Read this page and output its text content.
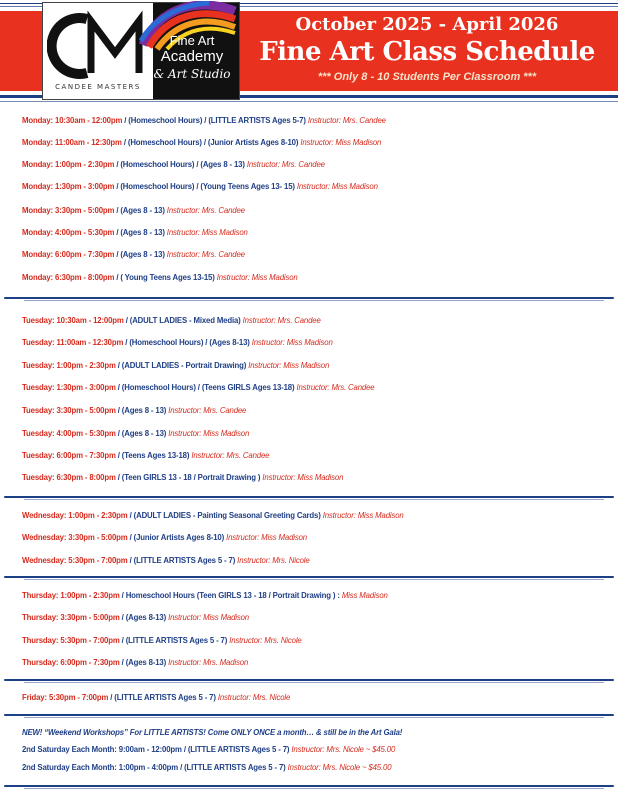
October 2025 - April 2026
Fine Art Class Schedule
*** Only 8 - 10 Students Per Classroom ***
CANDEE MASTERS
Fine Art
Academy
& Art Studio
Monday: 10:30am - 12:00pm / (Homeschool Hours) / (LITTLE ARTISTS Ages 5-7) Instructor: Mrs. Candee
Monday: 11:00am - 12:30pm / (Homeschool Hours) / (Junior Artists Ages 8-10) Instructor: Miss Madison
Monday: 1:00pm - 2:30pm / (Homeschool Hours) / (Ages 8 - 13) Instructor: Mrs. Candee
Monday: 1:30pm - 3:00pm / (Homeschool Hours) / (Young Teens Ages 13- 15) Instructor: Miss Madison
Monday: 3:30pm - 5:00pm / (Ages 8 - 13) Instructor: Mrs. Candee
Monday: 4:00pm - 5:30pm / (Ages 8 - 13) Instructor: Miss Madison
Monday: 6:00pm - 7:30pm / (Ages 8 - 13) Instructor: Mrs. Candee
Monday: 6:30pm - 8:00pm / ( Young Teens Ages 13-15) Instructor: Miss Madison
Tuesday: 10:30am - 12:00pm / (ADULT LADIES - Mixed Media) Instructor: Mrs. Candee
Tuesday: 11:00am - 12:30pm / (Homeschool Hours) / (Ages 8-13) Instructor: Miss Madison
Tuesday: 1:00pm - 2:30pm / (ADULT LADIES - Portrait Drawing) Instructor: Miss Madison
Tuesday: 1:30pm - 3:00pm / (Homeschool Hours) / (Teens GIRLS Ages 13-18) Instructor: Mrs. Candee
Tuesday: 3:30pm - 5:00pm / (Ages 8 - 13) Instructor: Mrs. Candee
Tuesday: 4:00pm - 5:30pm / (Ages 8 - 13) Instructor: Miss Madison
Tuesday: 6:00pm - 7:30pm / (Teens Ages 13-18) Instructor: Mrs. Candee
Tuesday: 6:30pm - 8:00pm / (Teen GIRLS 13 - 18 / Portrait Drawing ) Instructor: Miss Madison
Wednesday: 1:00pm - 2:30pm / (ADULT LADIES - Painting Seasonal Greeting Cards) Instructor: Miss Madison
Wednesday: 3:30pm - 5:00pm / (Junior Artists Ages 8-10) Instructor: Miss Madison
Wednesday: 5:30pm - 7:00pm / (LITTLE ARTISTS Ages 5 - 7) Instructor: Mrs. Nicole
Thursday: 1:00pm - 2:30pm / Homeschool Hours (Teen GIRLS 13 - 18 / Portrait Drawing ) : Miss Madison
Thursday: 3:30pm - 5:00pm / (Ages 8-13) Instructor: Miss Madison
Thursday: 5:30pm - 7:00pm / (LITTLE ARTISTS Ages 5 - 7) Instructor: Mrs. Nicole
Thursday: 6:00pm - 7:30pm / (Ages 8-13) Instructor: Mrs. Madison
Friday: 5:30pm - 7:00pm / (LITTLE ARTISTS Ages 5 - 7) Instructor: Mrs. Nicole
NEW! “Weekend Workshops” For LITTLE ARTISTS! Come ONLY ONCE a month… & still be in the Art Gala!
2nd Saturday Each Month: 9:00am - 12:00pm / (LITTLE ARTISTS Ages 5 - 7) Instructor: Mrs. Nicole ~ $45.00
2nd Saturday Each Month: 1:00pm - 4:00pm / (LITTLE ARTISTS Ages 5 - 7) Instructor: Mrs. Nicole ~ $45.00
